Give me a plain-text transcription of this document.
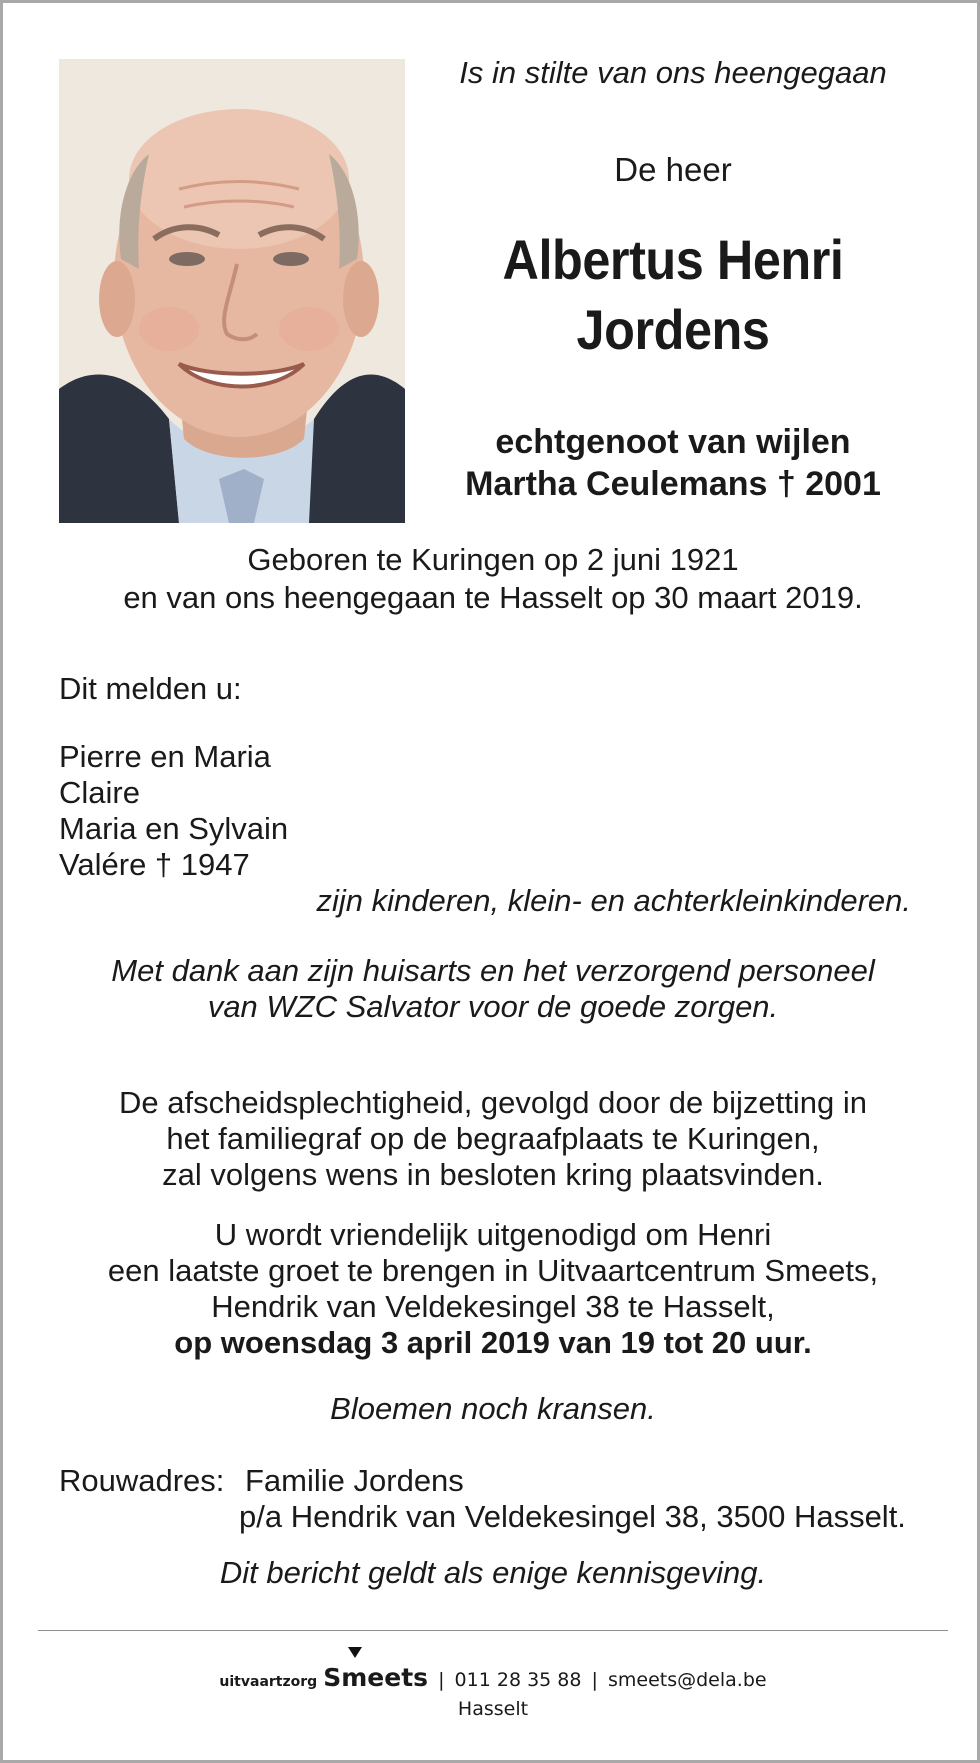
Is in stilte van ons heengegaan
De heer
Albertus Henri
Jordens
echtgenoot van wijlen
Martha Ceulemans † 2001
Geboren te Kuringen op 2 juni 1921
en van ons heengegaan te Hasselt op 30 maart 2019.
Dit melden u:
Pierre en Maria
Claire
Maria en Sylvain
Valére † 1947
zijn kinderen, klein- en achterkleinkinderen.
Met dank aan zijn huisarts en het verzorgend personeel
van WZC Salvator voor de goede zorgen.
De afscheidsplechtigheid, gevolgd door de bijzetting in
het familiegraf op de begraafplaats te Kuringen,
zal volgens wens in besloten kring plaatsvinden.
U wordt vriendelijk uitgenodigd om Henri
een laatste groet te brengen in Uitvaartcentrum Smeets,
Hendrik van Veldekesingel 38 te Hasselt,
op woensdag 3 april 2019 van 19 tot 20 uur.
Bloemen noch kransen.
Rouwadres: Familie Jordens
p/a Hendrik van Veldekesingel 38, 3500 Hasselt.
Dit bericht geldt als enige kennisgeving.
uitvaartzorg Smeets | 011 28 35 88 | smeets@dela.be
Hasselt
